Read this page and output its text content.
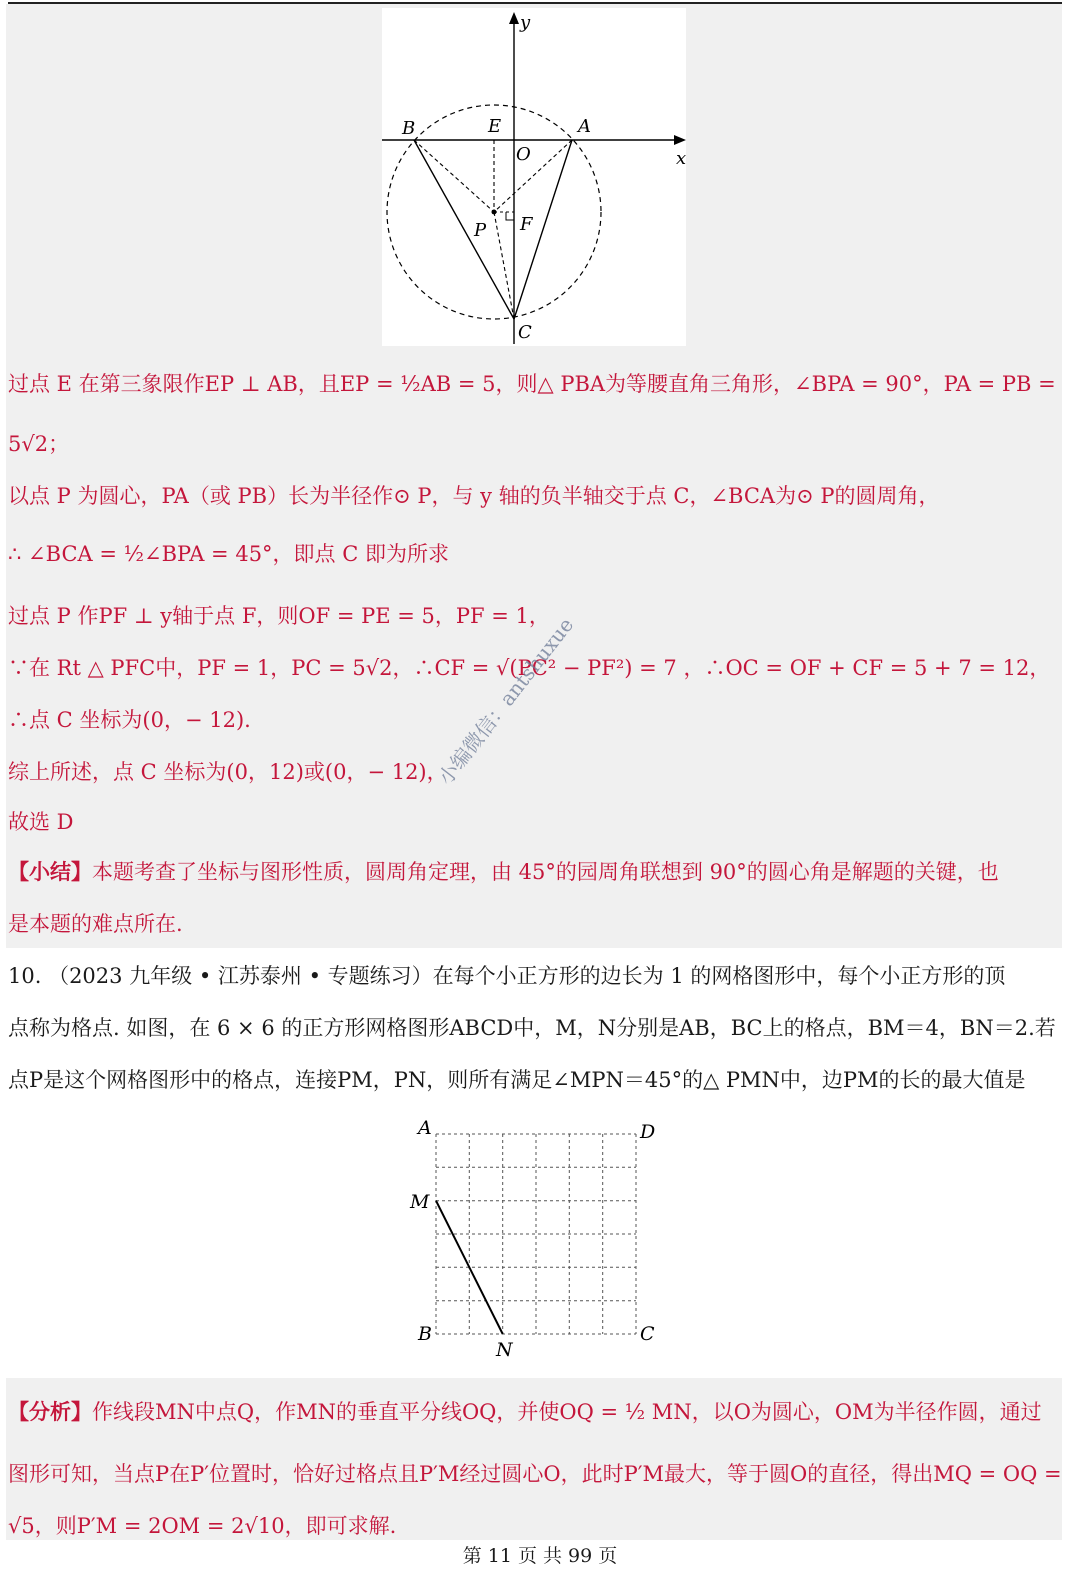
y
x
B	E	A
O
P F
C
过点 E 在第三象限作EP ⊥ AB，且EP = ½AB = 5，则△ PBA为等腰直角三角形，∠BPA = 90°，PA = PB =
5√2；
以点 P 为圆心，PA（或 PB）长为半径作⊙ P，与 y 轴的负半轴交于点 C，∠BCA为⊙ P的圆周角，
∴ ∠BCA = ½∠BPA = 45°，即点 C 即为所求
过点 P 作PF ⊥ y轴于点 F，则OF = PE = 5，PF = 1，
∵在 Rt △ PFC中，PF = 1，PC = 5√2，∴CF = √(PC² − PF²) = 7 ，∴OC = OF + CF = 5 + 7 = 12，
∴点 C 坐标为(0，− 12).
综上所述，点 C 坐标为(0，12)或(0，− 12)，
故选 D
【小结】本题考查了坐标与图形性质，圆周角定理，由 45°的园周角联想到 90°的圆心角是解题的关键，也
是本题的难点所在.
小编微信：antshuxue
10. （2023 九年级 • 江苏泰州 • 专题练习）在每个小正方形的边长为 1 的网格图形中，每个小正方形的顶
点称为格点. 如图，在 6 × 6 的正方形网格图形ABCD中，M，N分别是AB，BC上的格点，BM＝4，BN＝2.若
点P是这个网格图形中的格点，连接PM，PN，则所有满足∠MPN＝45°的△ PMN中，边PM的长的最大值是
A	D
M
B
N
C
【分析】作线段MN中点Q，作MN的垂直平分线OQ，并使OQ = ½ MN，以O为圆心，OM为半径作圆，通过
图形可知，当点P在P′位置时，恰好过格点且P′M经过圆心O，此时P′M最大，等于圆O的直径，得出MQ = OQ =
√5，则P′M = 2OM = 2√10，即可求解.
第 11 页 共 99 页
